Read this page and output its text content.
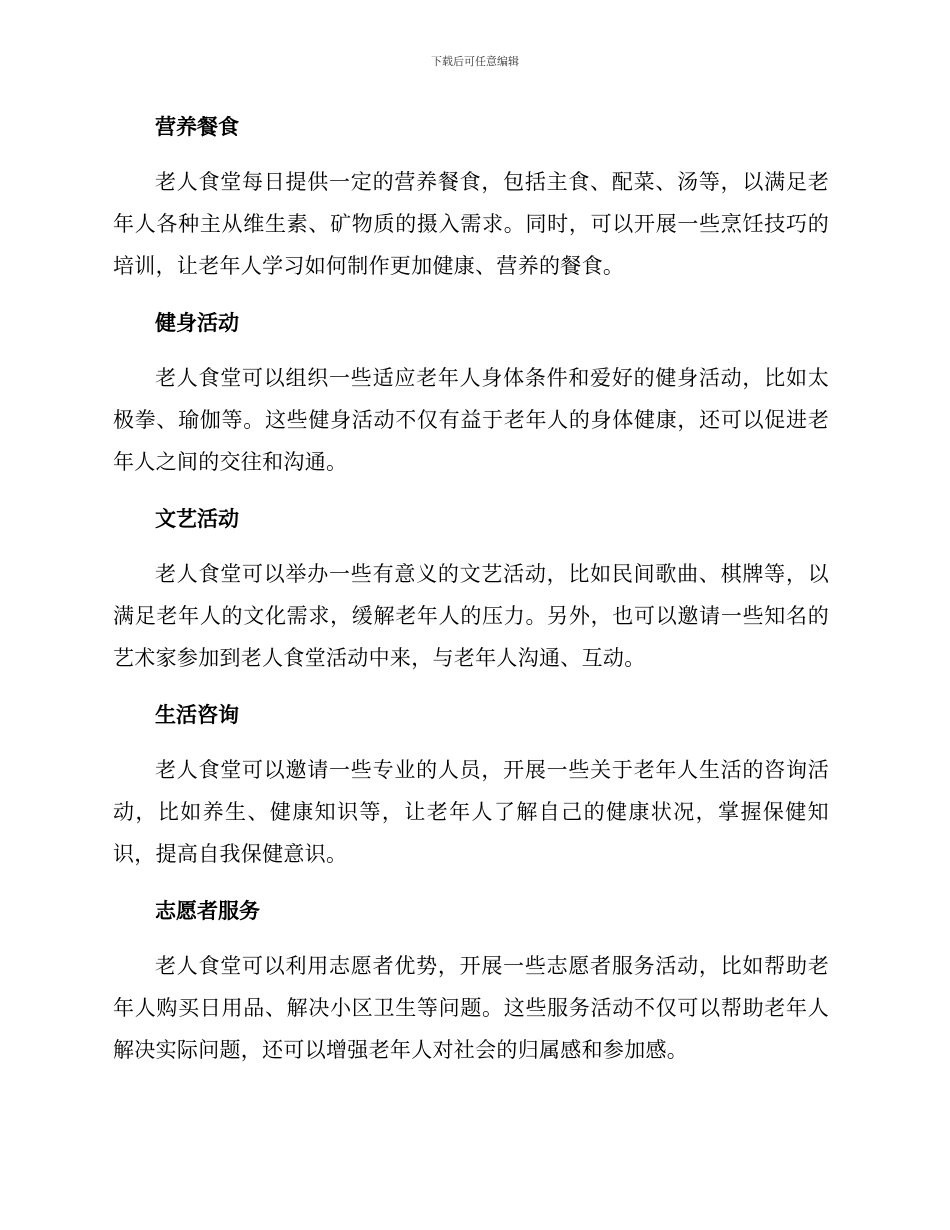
下载后可任意编辑
营养餐食

老人食堂每日提供一定的营养餐食，包括主食、配菜、汤等，以满足老年人各种主从维生素、矿物质的摄入需求。同时，可以开展一些烹饪技巧的培训，让老年人学习如何制作更加健康、营养的餐食。

健身活动

老人食堂可以组织一些适应老年人身体条件和爱好的健身活动，比如太极拳、瑜伽等。这些健身活动不仅有益于老年人的身体健康，还可以促进老年人之间的交往和沟通。

文艺活动

老人食堂可以举办一些有意义的文艺活动，比如民间歌曲、棋牌等，以满足老年人的文化需求，缓解老年人的压力。另外，也可以邀请一些知名的艺术家参加到老人食堂活动中来，与老年人沟通、互动。

生活咨询

老人食堂可以邀请一些专业的人员，开展一些关于老年人生活的咨询活动，比如养生、健康知识等，让老年人了解自己的健康状况，掌握保健知识，提高自我保健意识。

志愿者服务

老人食堂可以利用志愿者优势，开展一些志愿者服务活动，比如帮助老年人购买日用品、解决小区卫生等问题。这些服务活动不仅可以帮助老年人解决实际问题，还可以增强老年人对社会的归属感和参加感。
